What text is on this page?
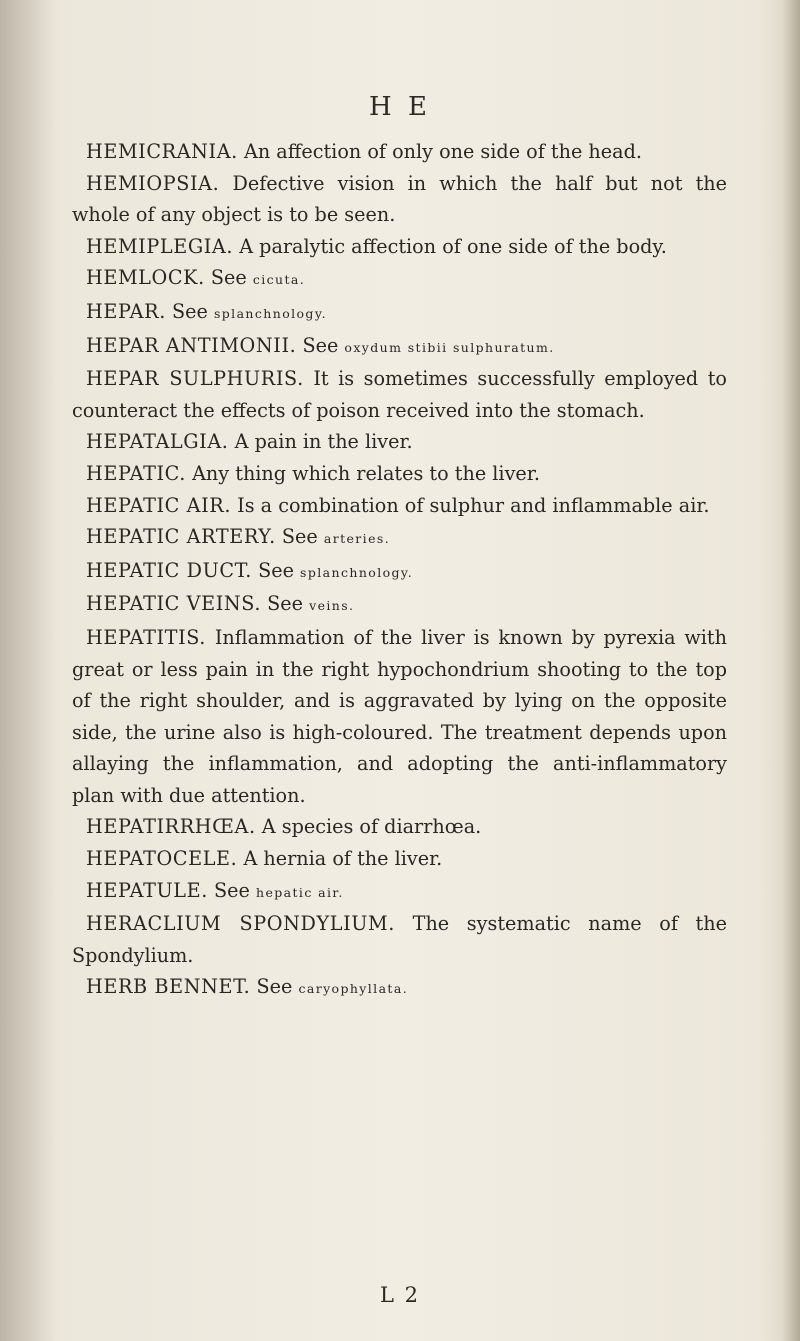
H E

HEMICRANIA. An affection of only one side of the head.

HEMIOPSIA. Defective vision in which the half but not the whole of any object is to be seen.

HEMIPLEGIA. A paralytic affection of one side of the body.

HEMLOCK. See cicuta.

HEPAR. See splanchnology.

HEPAR ANTIMONII. See oxydum stibii sulphuratum.

HEPAR SULPHURIS. It is sometimes successfully employed to counteract the effects of poison received into the stomach.

HEPATALGIA. A pain in the liver.

HEPATIC. Any thing which relates to the liver.

HEPATIC AIR. Is a combination of sulphur and inflammable air.

HEPATIC ARTERY. See arteries.

HEPATIC DUCT. See splanchnology.

HEPATIC VEINS. See veins.

HEPATITIS. Inflammation of the liver is known by pyrexia with great or less pain in the right hypochondrium shooting to the top of the right shoulder, and is aggravated by lying on the opposite side, the urine also is high-coloured. The treatment depends upon allaying the inflammation, and adopting the anti-inflammatory plan with due attention.

HEPATIRRHŒA. A species of diarrhœa.

HEPATOCELE. A hernia of the liver.

HEPATULE. See hepatic air.

HERACLIUM SPONDYLIUM. The systematic name of the Spondylium.

HERB BENNET. See caryophyllata.

L 2
